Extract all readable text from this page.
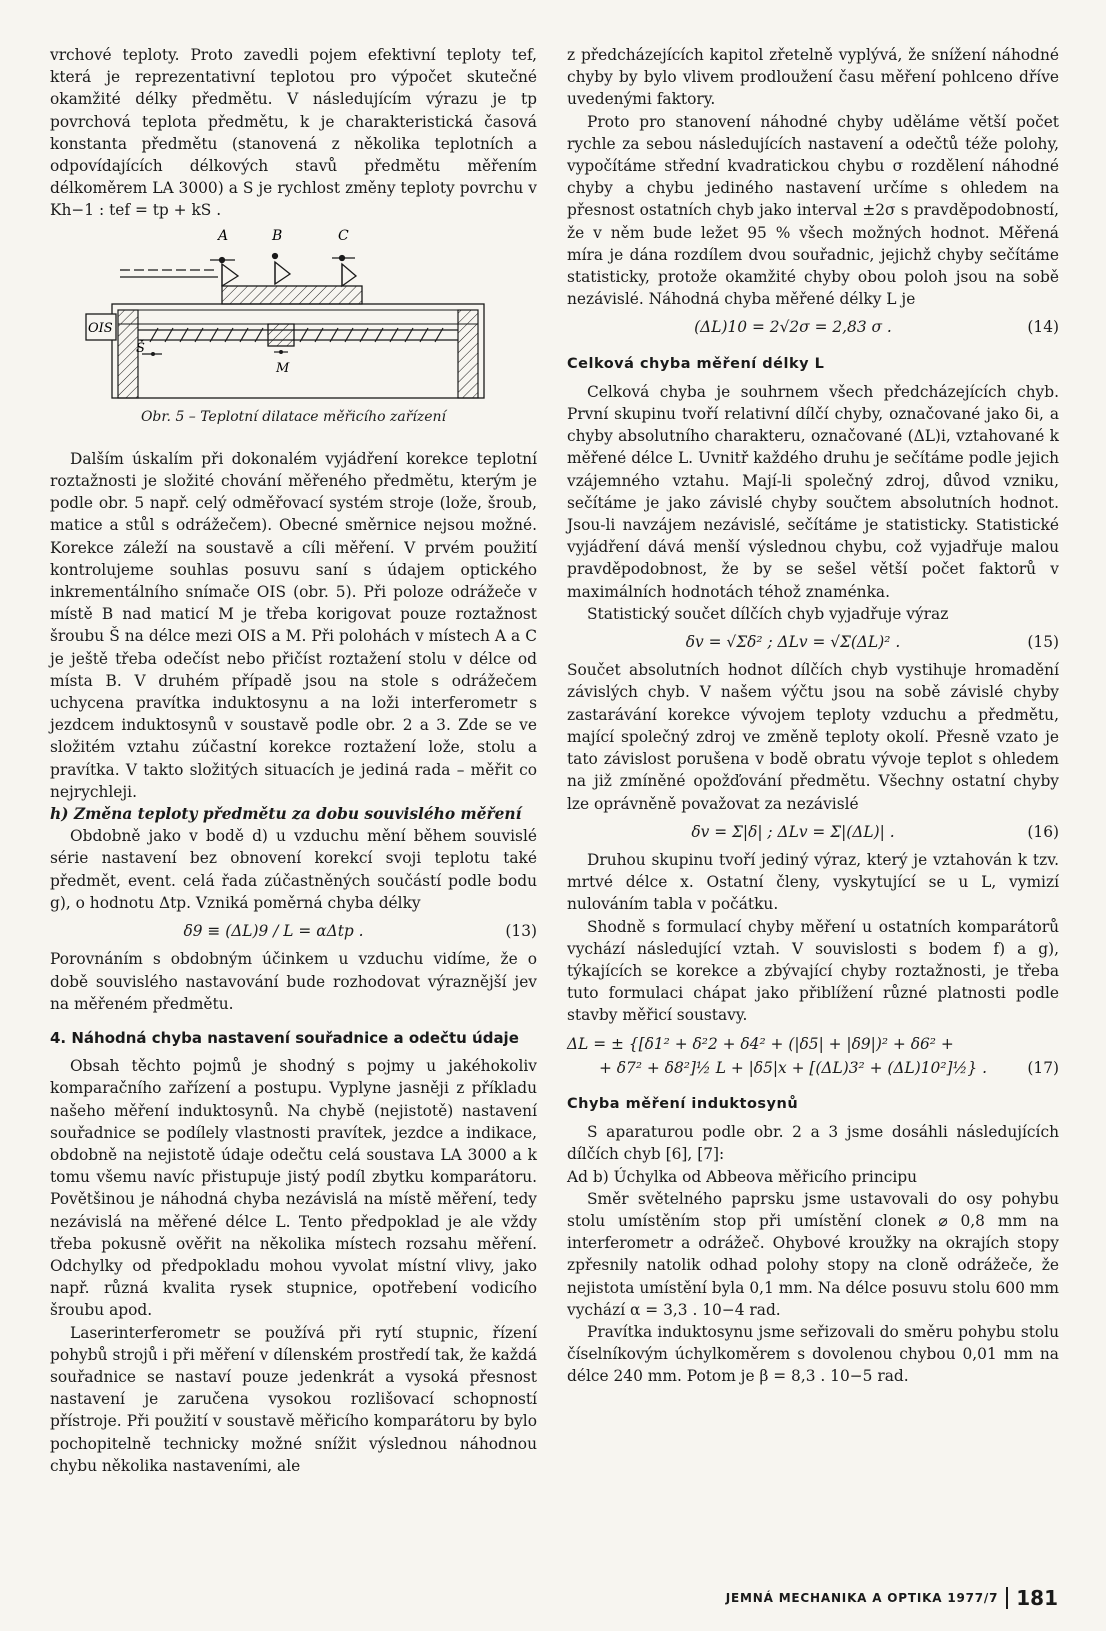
vrchové teploty. Proto zavedli pojem efektivní teploty tef, která je reprezentativní teplotou pro výpočet skutečné okamžité délky předmětu. V následujícím výrazu je tp povrchová teplota předmětu, k je charakteristická časová konstanta předmětu (stanovená z několika teplotních a odpovídajících délkových stavů předmětu měřením délkoměrem LA 3000) a S je rychlost změny teploty povrchu v Kh−1 : tef = tp + kS .

A	B	C
M
Š
OIS
Obr. 5 – Teplotní dilatace měřicího zařízení

Dalším úskalím při dokonalém vyjádření korekce teplotní roztažnosti je složité chování měřeného předmětu, kterým je podle obr. 5 např. celý odměřovací systém stroje (lože, šroub, matice a stůl s odrážečem). Obecné směrnice nejsou možné. Korekce záleží na soustavě a cíli měření. V prvém použití kontrolujeme souhlas posuvu saní s údajem optického inkrementálního snímače OIS (obr. 5). Při poloze odrážeče v místě B nad maticí M je třeba korigovat pouze roztažnost šroubu Š na délce mezi OIS a M. Při polohách v místech A a C je ještě třeba odečíst nebo přičíst roztažení stolu v délce od místa B. V druhém případě jsou na stole s odrážečem uchycena pravítka induktosynu a na loži interferometr s jezdcem induktosynů v soustavě podle obr. 2 a 3. Zde se ve složitém vztahu zúčastní korekce roztažení lože, stolu a pravítka. V takto složitých situacích je jediná rada – měřit co nejrychleji.

h) Změna teploty předmětu za dobu souvislého měření

Obdobně jako v bodě d) u vzduchu mění během souvislé série nastavení bez obnovení korekcí svoji teplotu také předmět, event. celá řada zúčastněných součástí podle bodu g), o hodnotu Δtp. Vzniká poměrná chyba délky

δ9 ≡ (ΔL)9 / L = αΔtp .	(13)

Porovnáním s obdobným účinkem u vzduchu vidíme, že o době souvislého nastavování bude rozhodovat výraznější jev na měřeném předmětu.

4. Náhodná chyba nastavení souřadnice a odečtu údaje

Obsah těchto pojmů je shodný s pojmy u jakéhokoliv komparačního zařízení a postupu. Vyplyne jasněji z příkladu našeho měření induktosynů. Na chybě (nejistotě) nastavení souřadnice se podílely vlastnosti pravítek, jezdce a indikace, obdobně na nejistotě údaje odečtu celá soustava LA 3000 a k tomu všemu navíc přistupuje jistý podíl zbytku komparátoru. Povětšinou je náhodná chyba nezávislá na místě měření, tedy nezávislá na měřené délce L. Tento předpoklad je ale vždy třeba pokusně ověřit na několika místech rozsahu měření. Odchylky od předpokladu mohou vyvolat místní vlivy, jako např. různá kvalita rysek stupnice, opotřebení vodicího šroubu apod.

Laserinterferometr se používá při rytí stupnic, řízení pohybů strojů i při měření v dílenském prostředí tak, že každá souřadnice se nastaví pouze jedenkrát a vysoká přesnost nastavení je zaručena vysokou rozlišovací schopností přístroje. Při použití v soustavě měřicího komparátoru by bylo pochopitelně technicky možné snížit výslednou náhodnou chybu několika nastaveními, ale

z předcházejících kapitol zřetelně vyplývá, že snížení náhodné chyby by bylo vlivem prodloužení času měření pohlceno dříve uvedenými faktory.

Proto pro stanovení náhodné chyby uděláme větší počet rychle za sebou následujících nastavení a odečtů téže polohy, vypočítáme střední kvadratickou chybu σ rozdělení náhodné chyby a chybu jediného nastavení určíme s ohledem na přesnost ostatních chyb jako interval ±2σ s pravděpodobností, že v něm bude ležet 95 % všech možných hodnot. Měřená míra je dána rozdílem dvou souřadnic, jejichž chyby sečítáme statisticky, protože okamžité chyby obou poloh jsou na sobě nezávislé. Náhodná chyba měřené délky L je

(ΔL)10 = 2√2σ = 2,83 σ .	(14)
Celková chyba měření délky L

Celková chyba je souhrnem všech předcházejících chyb. První skupinu tvoří relativní dílčí chyby, označované jako δi, a chyby absolutního charakteru, označované (ΔL)i, vztahované k měřené délce L. Uvnitř každého druhu je sečítáme podle jejich vzájemného vztahu. Mají-li společný zdroj, důvod vzniku, sečítáme je jako závislé chyby součtem absolutních hodnot. Jsou-li navzájem nezávislé, sečítáme je statisticky. Statistické vyjádření dává menší výslednou chybu, což vyjadřuje malou pravděpodobnost, že by se sešel větší počet faktorů v maximálních hodnotách téhož znaménka.

Statistický součet dílčích chyb vyjadřuje výraz

δv = √Σδ² ; ΔLv = √Σ(ΔL)² .	(15)

Součet absolutních hodnot dílčích chyb vystihuje hromadění závislých chyb. V našem výčtu jsou na sobě závislé chyby zastarávání korekce vývojem teploty vzduchu a předmětu, mající společný zdroj ve změně teploty okolí. Přesně vzato je tato závislost porušena v bodě obratu vývoje teplot s ohledem na již zmíněné opožďování předmětu. Všechny ostatní chyby lze oprávněně považovat za nezávislé

δv = Σ|δ| ; ΔLv = Σ|(ΔL)| .	(16)

Druhou skupinu tvoří jediný výraz, který je vztahován k tzv. mrtvé délce x. Ostatní členy, vyskytující se u L, vymizí nulováním tabla v počátku.

Shodně s formulací chyby měření u ostatních komparátorů vychází následující vztah. V souvislosti s bodem f) a g), týkajících se korekce a zbývající chyby roztažnosti, je třeba tuto formulaci chápat jako přiblížení různé platnosti podle stavby měřicí soustavy.

ΔL = ± {[δ1² + δ²2 + δ4² + (|δ5| + |δ9|)² + δ6² +
+ δ7² + δ8²]½ L + |δ5|x + [(ΔL)3² + (ΔL)10²]½} .	(17)
Chyba měření induktosynů

S aparaturou podle obr. 2 a 3 jsme dosáhli následujících dílčích chyb [6], [7]:

Ad b) Úchylka od Abbeova měřicího principu

Směr světelného paprsku jsme ustavovali do osy pohybu stolu umístěním stop při umístění clonek ⌀ 0,8 mm na interferometr a odrážeč. Ohybové kroužky na okrajích stopy zpřesnily natolik odhad polohy stopy na cloně odrážeče, že nejistota umístění byla 0,1 mm. Na délce posuvu stolu 600 mm vychází α = 3,3 . 10−4 rad.

Pravítka induktosynu jsme seřizovali do směru pohybu stolu číselníkovým úchylkoměrem s dovolenou chybou 0,01 mm na délce 240 mm. Potom je β = 8,3 . 10−5 rad.

JEMNÁ MECHANIKA A OPTIKA 1977/7 181
